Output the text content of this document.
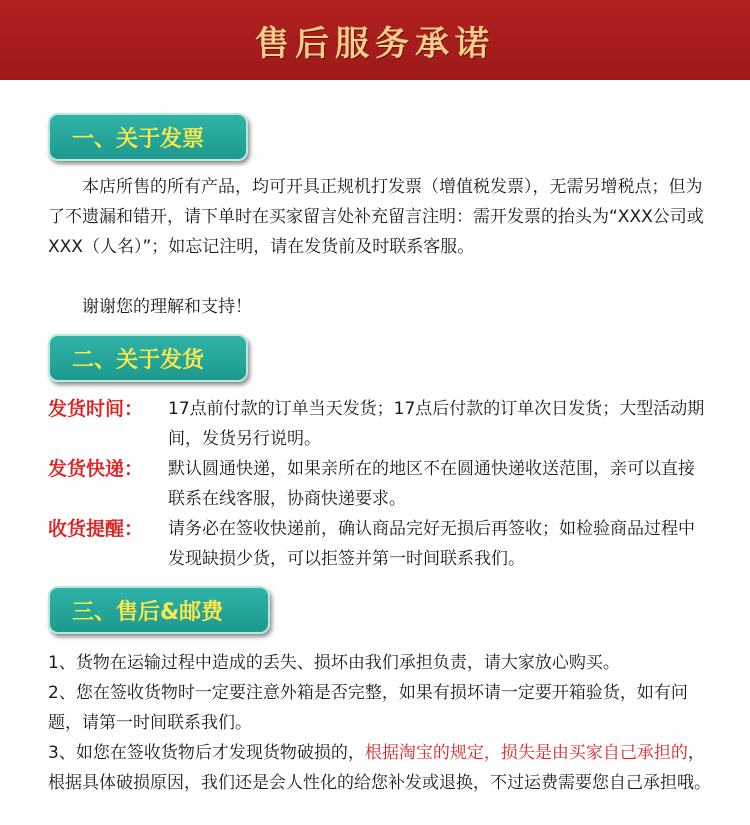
售后服务承诺
一、关于发票
本店所售的所有产品，均可开具正规机打发票（增值税发票），无需另增税点；但为了不遗漏和错开，请下单时在买家留言处补充留言注明：需开发票的抬头为“XXX公司或XXX（人名）”；如忘记注明，请在发货前及时联系客服。
谢谢您的理解和支持！
二、关于发货
发货时间：	17点前付款的订单当天发货；17点后付款的订单次日发货；大型活动期间，发货另行说明。
发货快递：	默认圆通快递，如果亲所在的地区不在圆通快递收送范围，亲可以直接联系在线客服，协商快递要求。
收货提醒：	请务必在签收快递前，确认商品完好无损后再签收；如检验商品过程中发现缺损少货，可以拒签并第一时间联系我们。
三、售后&邮费
1、货物在运输过程中造成的丢失、损坏由我们承担负责，请大家放心购买。
2、您在签收货物时一定要注意外箱是否完整，如果有损坏请一定要开箱验货，如有问题，请第一时间联系我们。
3、如您在签收货物后才发现货物破损的，根据淘宝的规定，损失是由买家自己承担的，根据具体破损原因，我们还是会人性化的给您补发或退换，不过运费需要您自己承担哦。
